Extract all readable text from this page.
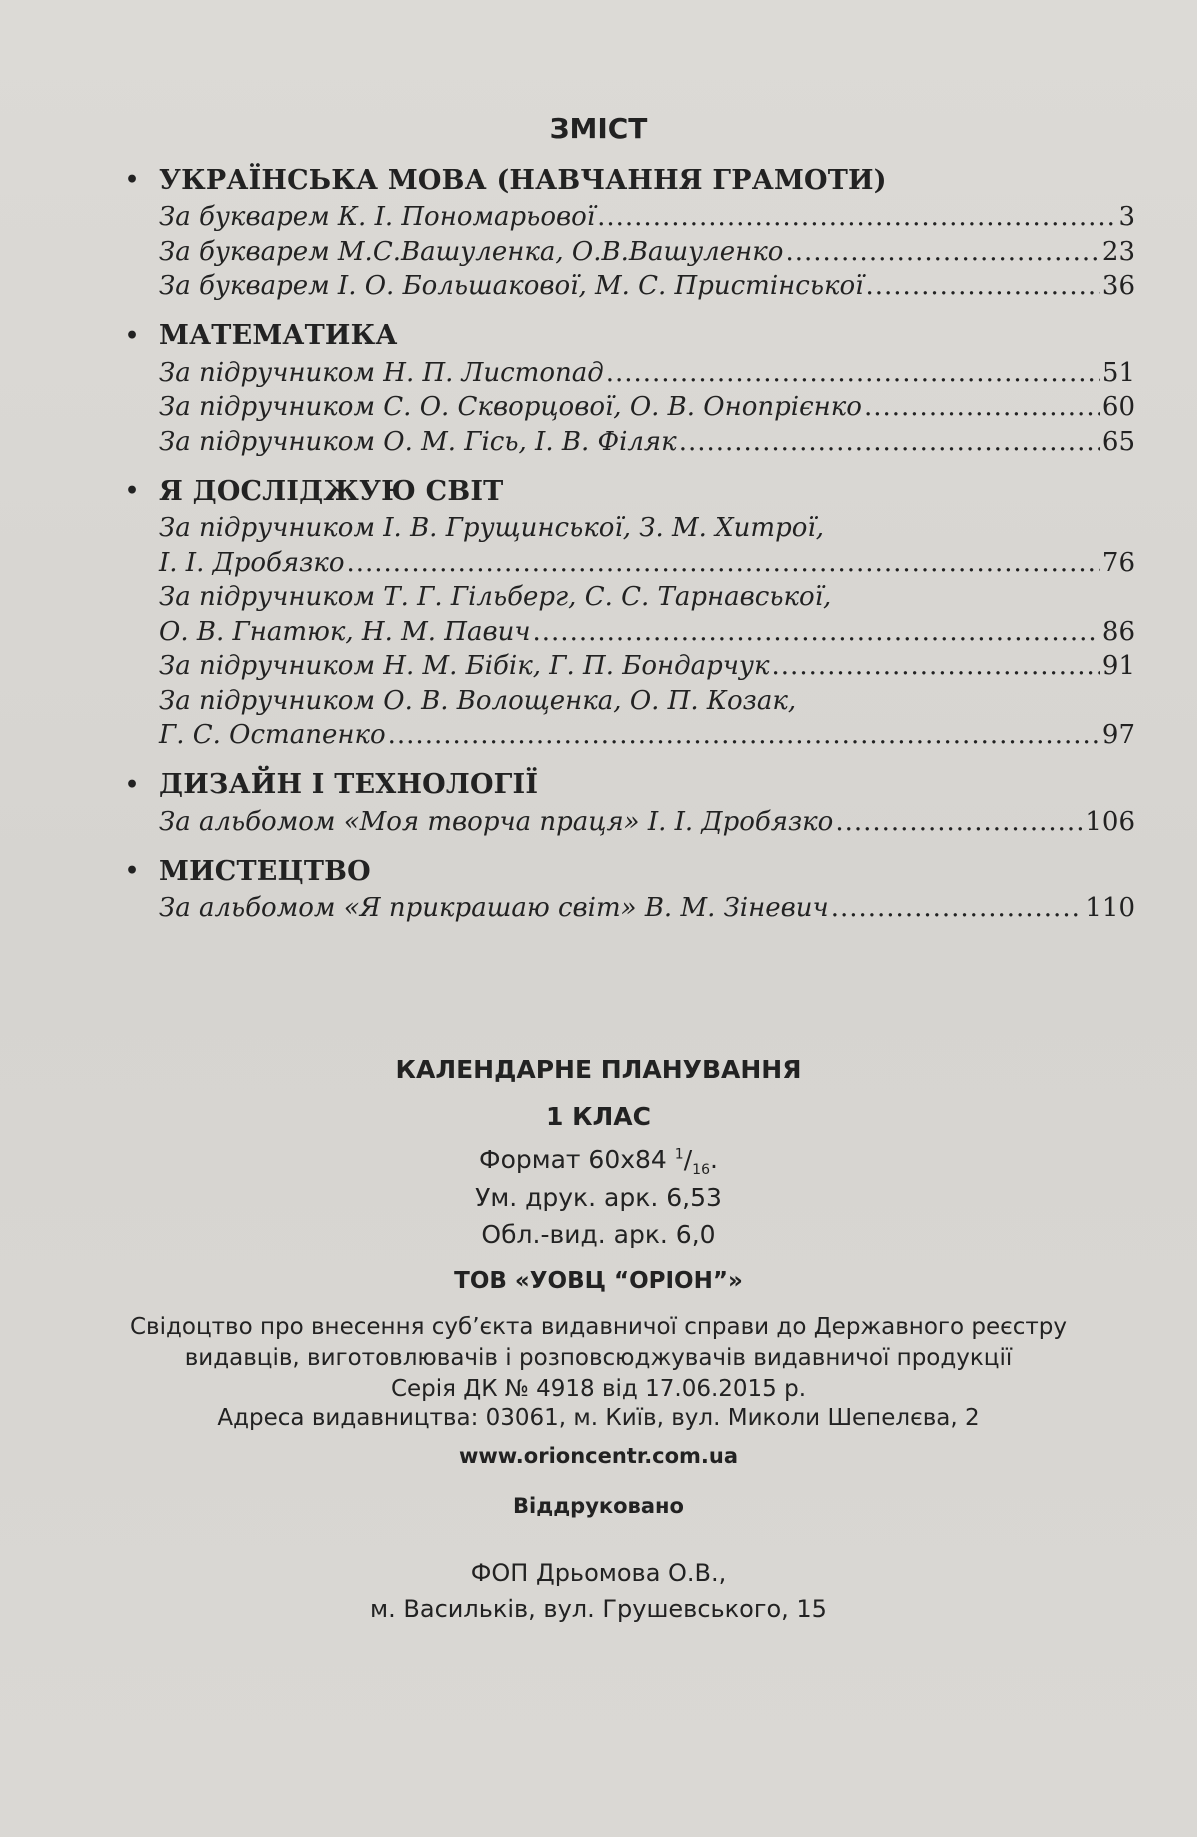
ЗМІСТ
• УКРАЇНСЬКА МОВА (НАВЧАННЯ ГРАМОТИ)
За букварем К. І. Пономарьової .....	3
За букварем М.С.Вашуленка, О.В.Вашуленко .....	23
За букварем І. О. Большакової, М. С. Пристінської .....	36
• МАТЕМАТИКА
За підручником Н. П. Листопад .....	51
За підручником С. О. Скворцової, О. В. Онопрієнко .....	60
За підручником О. М. Гісь, І. В. Філяк .....	65
• Я ДОСЛІДЖУЮ СВІТ
За підручником І. В. Грущинської, З. М. Хитрої,
І. І. Дробязко .....	76
За підручником Т. Г. Гільберг, С. С. Тарнавської,
О. В. Гнатюк, Н. М. Павич .....	86
За підручником Н. М. Бібік, Г. П. Бондарчук .....	91
За підручником О. В. Волощенка, О. П. Козак,
Г. С. Остапенко .....	97
• ДИЗАЙН І ТЕХНОЛОГІЇ
За альбомом «Моя творча праця» І. І. Дробязко .....	106
• МИСТЕЦТВО
За альбомом «Я прикрашаю світ» В. М. Зіневич .....	110
КАЛЕНДАРНЕ ПЛАНУВАННЯ
1 КЛАС
Формат 60х84 $^1/_{16}$.
Ум. друк. арк. 6,53
Обл.-вид. арк. 6,0
ТОВ «УОВЦ “ОРІОН”»
Свідоцтво про внесення суб’єкта видавничої справи до Державного реєстру
видавців, виготовлювачів і розповсюджувачів видавничої продукції
Серія ДК № 4918 від 17.06.2015 р.
Адреса видавництва: 03061, м. Київ, вул. Миколи Шепелєва, 2
www.orioncentr.com.ua
Віддруковано
ФОП Дрьомова О.В.,
м. Васильків, вул. Грушевського, 15
